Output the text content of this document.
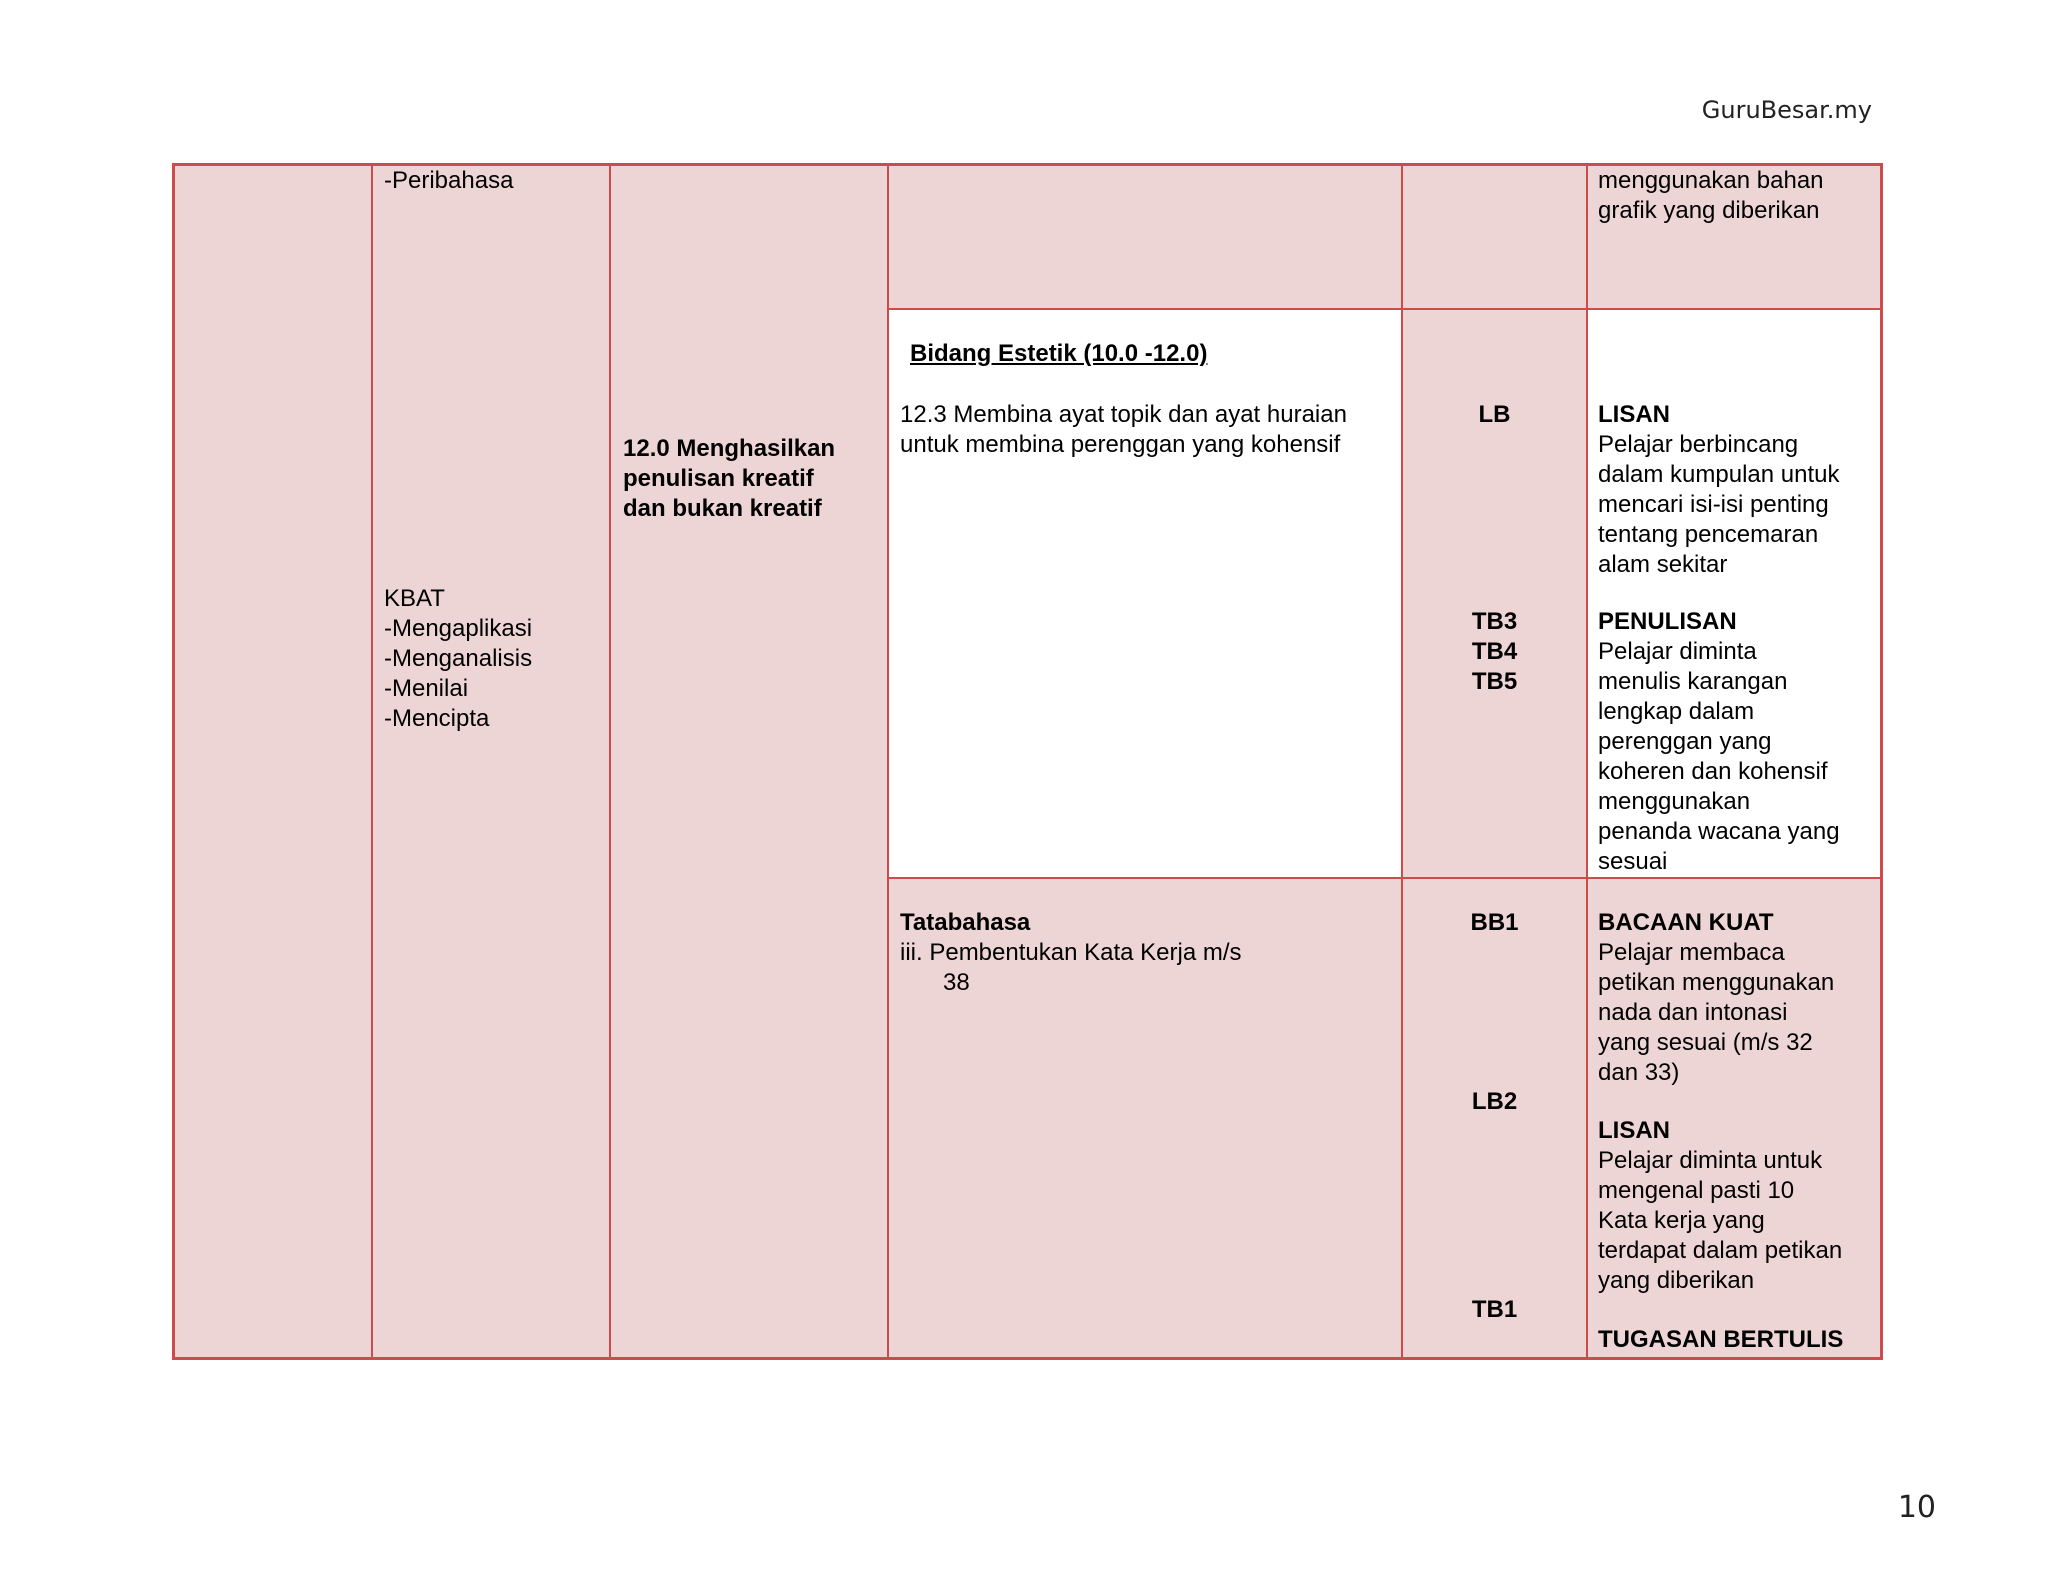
GuruBesar.my
-Peribahasa
KBAT
-Mengaplikasi
-Menganalisis
-Menilai
-Mencipta
12.0 Menghasilkan
penulisan kreatif
dan bukan kreatif
menggunakan bahan
grafik yang diberikan
Bidang Estetik (10.0 -12.0)
12.3 Membina ayat topik dan ayat huraian
untuk membina perenggan yang kohensif
LB
TB3
TB4
TB5
LISAN
Pelajar berbincang
dalam kumpulan untuk
mencari isi-isi penting
tentang pencemaran
alam sekitar
PENULISAN
Pelajar diminta
menulis karangan
lengkap dalam
perenggan yang
koheren dan kohensif
menggunakan
penanda wacana yang
sesuai
Tatabahasa
iii. Pembentukan Kata Kerja m/s
38
BB1
LB2
TB1
BACAAN KUAT
Pelajar membaca
petikan menggunakan
nada dan intonasi
yang sesuai (m/s 32
dan 33)
LISAN
Pelajar diminta untuk
mengenal pasti 10
Kata kerja yang
terdapat dalam petikan
yang diberikan
TUGASAN BERTULIS
10
